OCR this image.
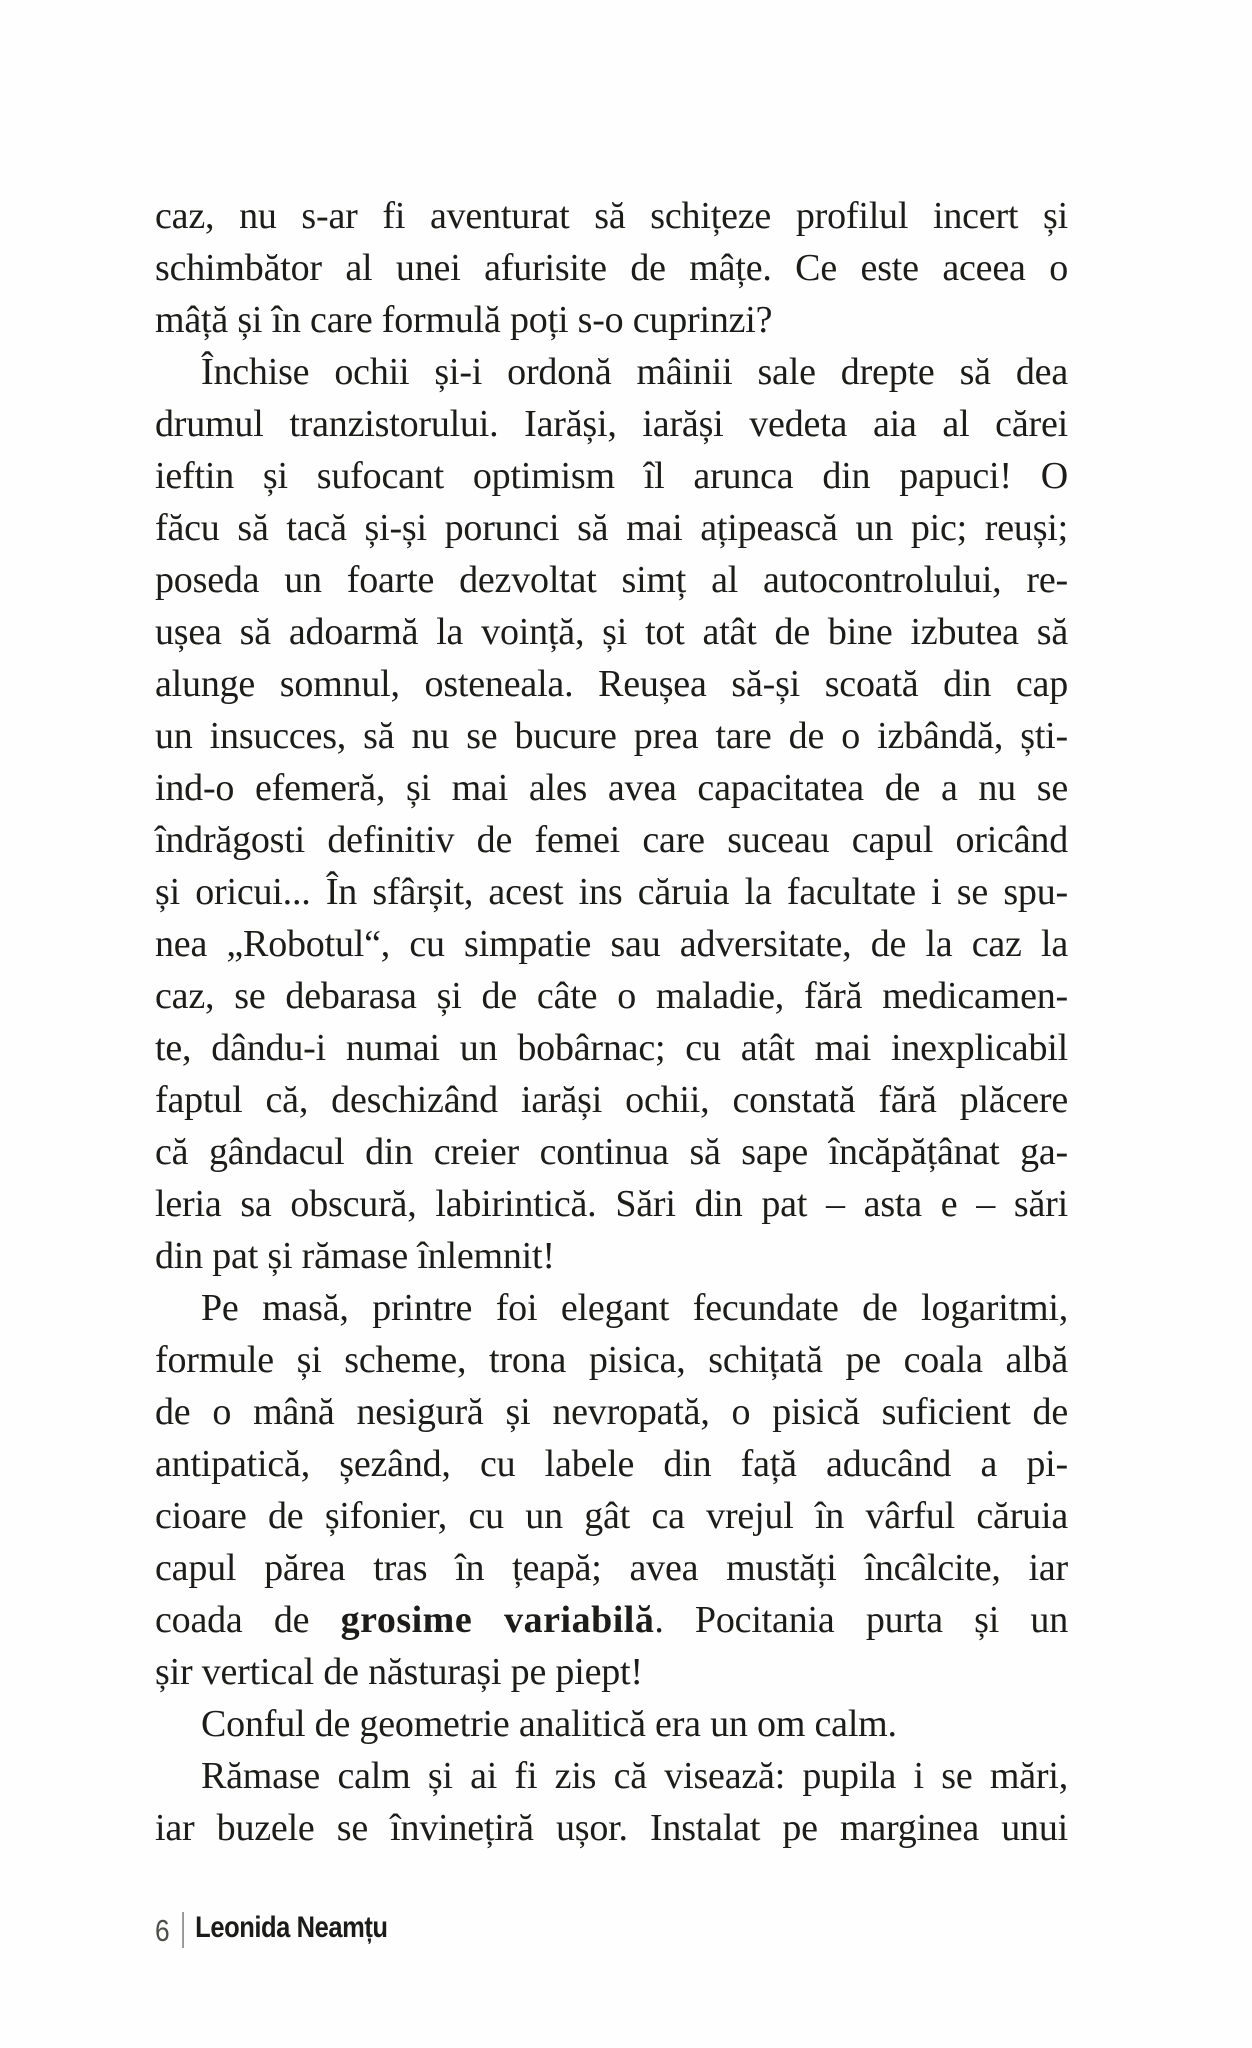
caz, nu s-ar fi aventurat să schițeze profilul incert și
schimbător al unei afurisite de mâțe. Ce este aceea o
mâță și în care formulă poți s-o cuprinzi?
Închise ochii și-i ordonă mâinii sale drepte să dea
drumul tranzistorului. Iarăși, iarăși vedeta aia al cărei
ieftin și sufocant optimism îl arunca din papuci! O
făcu să tacă și-și porunci să mai ațipească un pic; reuși;
poseda un foarte dezvoltat simț al autocontrolului, re-
ușea să adoarmă la voință, și tot atât de bine izbutea să
alunge somnul, osteneala. Reușea să-și scoată din cap
un insucces, să nu se bucure prea tare de o izbândă, ști-
ind-o efemeră, și mai ales avea capacitatea de a nu se
îndrăgosti definitiv de femei care suceau capul oricând
și oricui... În sfârșit, acest ins căruia la facultate i se spu-
nea „Robotul“, cu simpatie sau adversitate, de la caz la
caz, se debarasa și de câte o maladie, fără medicamen-
te, dându-i numai un bobârnac; cu atât mai inexplicabil
faptul că, deschizând iarăși ochii, constată fără plăcere
că gândacul din creier continua să sape încăpățânat ga-
leria sa obscură, labirintică. Sări din pat – asta e – sări
din pat și rămase înlemnit!
Pe masă, printre foi elegant fecundate de logaritmi,
formule și scheme, trona pisica, schițată pe coala albă
de o mână nesigură și nevropată, o pisică suficient de
antipatică, șezând, cu labele din față aducând a pi-
cioare de șifonier, cu un gât ca vrejul în vârful căruia
capul părea tras în țeapă; avea mustăți încâlcite, iar
coada de grosime variabilă. Pocitania purta și un
șir vertical de năsturași pe piept!
Conful de geometrie analitică era un om calm.
Rămase calm și ai fi zis că visează: pupila i se mări,
iar buzele se învinețiră ușor. Instalat pe marginea unui
6 Leonida Neamțu
